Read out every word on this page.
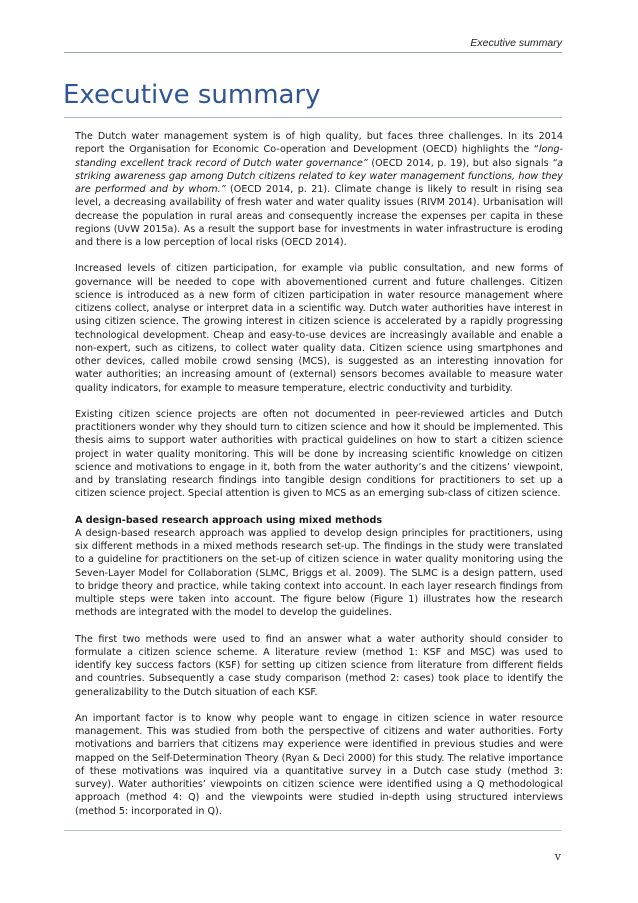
Executive summary
Executive summary

The Dutch water management system is of high quality, but faces three challenges. In its 2014 report the Organisation for Economic Co-operation and Development (OECD) highlights the “long-standing excellent track record of Dutch water governance” (OECD 2014, p. 19), but also signals “a striking awareness gap among Dutch citizens related to key water management functions, how they are performed and by whom.” (OECD 2014, p. 21). Climate change is likely to result in rising sea level, a decreasing availability of fresh water and water quality issues (RIVM 2014). Urbanisation will decrease the population in rural areas and consequently increase the expenses per capita in these regions (UvW 2015a). As a result the support base for investments in water infrastructure is eroding and there is a low perception of local risks (OECD 2014).

Increased levels of citizen participation, for example via public consultation, and new forms of governance will be needed to cope with abovementioned current and future challenges. Citizen science is introduced as a new form of citizen participation in water resource management where citizens collect, analyse or interpret data in a scientific way. Dutch water authorities have interest in using citizen science. The growing interest in citizen science is accelerated by a rapidly progressing technological development. Cheap and easy-to-use devices are increasingly available and enable a non-expert, such as citizens, to collect water quality data. Citizen science using smartphones and other devices, called mobile crowd sensing (MCS), is suggested as an interesting innovation for water authorities; an increasing amount of (external) sensors becomes available to measure water quality indicators, for example to measure temperature, electric conductivity and turbidity.

Existing citizen science projects are often not documented in peer-reviewed articles and Dutch practitioners wonder why they should turn to citizen science and how it should be implemented. This thesis aims to support water authorities with practical guidelines on how to start a citizen science project in water quality monitoring. This will be done by increasing scientific knowledge on citizen science and motivations to engage in it, both from the water authority’s and the citizens’ viewpoint, and by translating research findings into tangible design conditions for practitioners to set up a citizen science project. Special attention is given to MCS as an emerging sub-class of citizen science.

A design-based research approach using mixed methods

A design-based research approach was applied to develop design principles for practitioners, using six different methods in a mixed methods research set-up. The findings in the study were translated to a guideline for practitioners on the set-up of citizen science in water quality monitoring using the Seven-Layer Model for Collaboration (SLMC, Briggs et al. 2009). The SLMC is a design pattern, used to bridge theory and practice, while taking context into account. In each layer research findings from multiple steps were taken into account. The figure below (Figure 1) illustrates how the research methods are integrated with the model to develop the guidelines.

The first two methods were used to find an answer what a water authority should consider to formulate a citizen science scheme. A literature review (method 1: KSF and MSC) was used to identify key success factors (KSF) for setting up citizen science from literature from different fields and countries. Subsequently a case study comparison (method 2: cases) took place to identify the generalizability to the Dutch situation of each KSF.

An important factor is to know why people want to engage in citizen science in water resource management. This was studied from both the perspective of citizens and water authorities. Forty motivations and barriers that citizens may experience were identified in previous studies and were mapped on the Self-Determination Theory (Ryan & Deci 2000) for this study. The relative importance of these motivations was inquired via a quantitative survey in a Dutch case study (method 3: survey). Water authorities’ viewpoints on citizen science were identified using a Q methodological approach (method 4: Q) and the viewpoints were studied in-depth using structured interviews (method 5: incorporated in Q).

v
